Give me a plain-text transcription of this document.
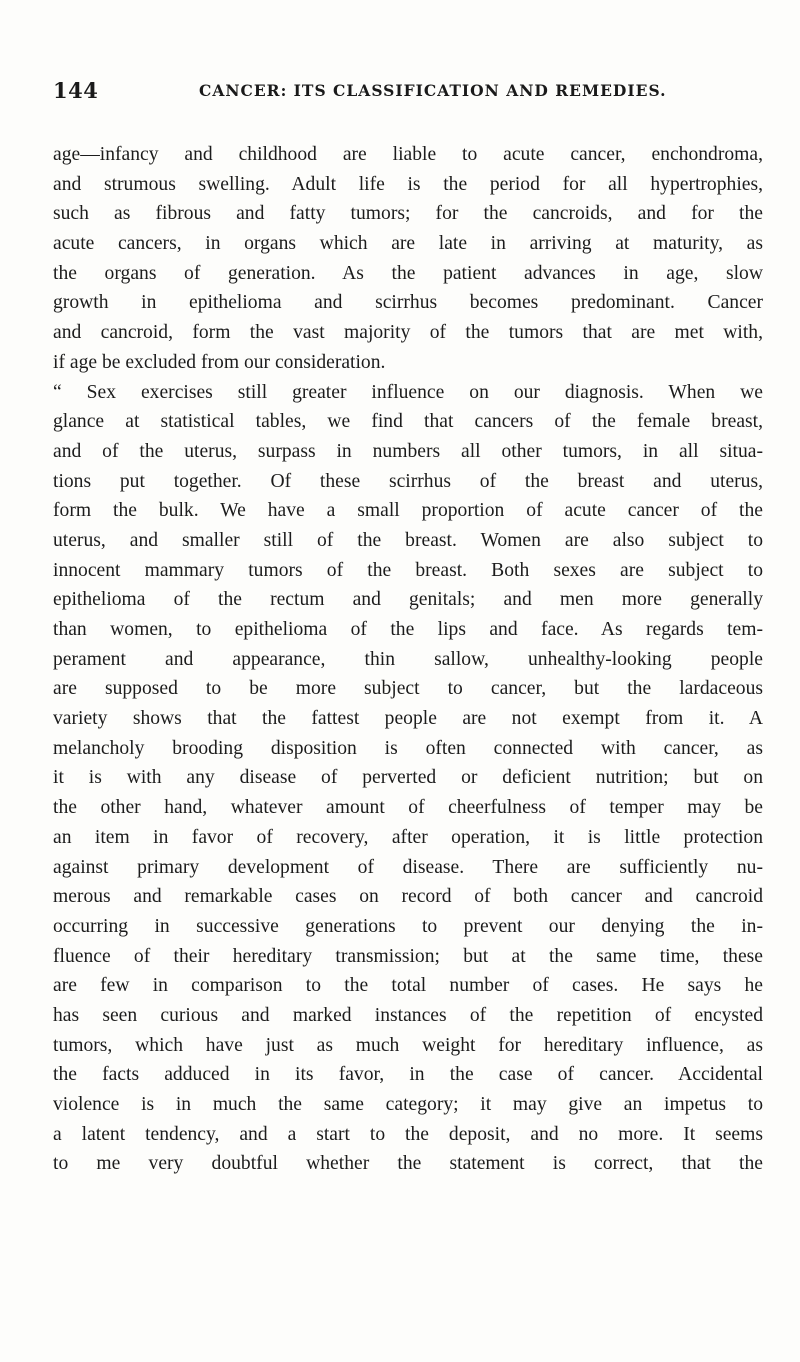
144	CANCER: ITS CLASSIFICATION AND REMEDIES.
age—infancy and childhood are liable to acute cancer, enchondroma,
and strumous swelling. Adult life is the period for all hypertrophies,
such as fibrous and fatty tumors; for the cancroids, and for the
acute cancers, in organs which are late in arriving at maturity, as
the organs of generation. As the patient advances in age, slow
growth in epithelioma and scirrhus becomes predominant. Cancer
and cancroid, form the vast majority of the tumors that are met with,
if age be excluded from our consideration.
“ Sex exercises still greater influence on our diagnosis. When we
glance at statistical tables, we find that cancers of the female breast,
and of the uterus, surpass in numbers all other tumors, in all situa-
tions put together. Of these scirrhus of the breast and uterus,
form the bulk. We have a small proportion of acute cancer of the
uterus, and smaller still of the breast. Women are also subject to
innocent mammary tumors of the breast. Both sexes are subject to
epithelioma of the rectum and genitals; and men more generally
than women, to epithelioma of the lips and face. As regards tem-
perament and appearance, thin sallow, unhealthy-looking people
are supposed to be more subject to cancer, but the lardaceous
variety shows that the fattest people are not exempt from it. A
melancholy brooding disposition is often connected with cancer, as
it is with any disease of perverted or deficient nutrition; but on
the other hand, whatever amount of cheerfulness of temper may be
an item in favor of recovery, after operation, it is little protection
against primary development of disease. There are sufficiently nu-
merous and remarkable cases on record of both cancer and cancroid
occurring in successive generations to prevent our denying the in-
fluence of their hereditary transmission; but at the same time, these
are few in comparison to the total number of cases. He says he
has seen curious and marked instances of the repetition of encysted
tumors, which have just as much weight for hereditary influence, as
the facts adduced in its favor, in the case of cancer. Accidental
violence is in much the same category; it may give an impetus to
a latent tendency, and a start to the deposit, and no more. It seems
to me very doubtful whether the statement is correct, that the
